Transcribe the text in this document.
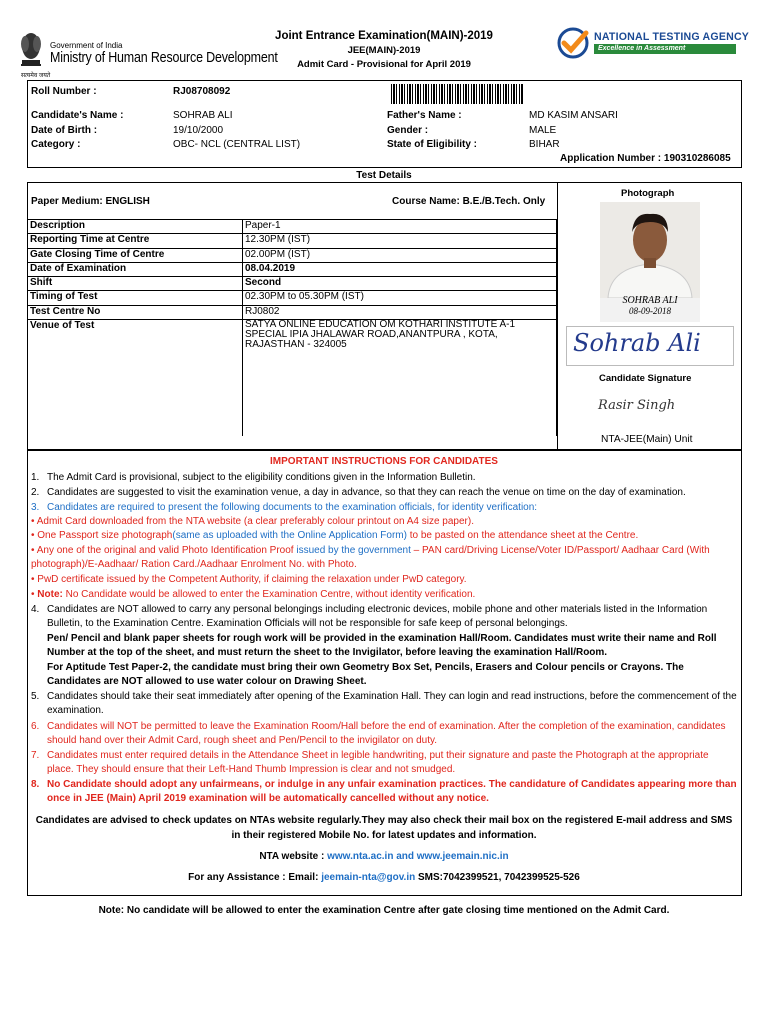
Government of India
Ministry of Human Resource Development
सत्यमेव जयते
Joint Entrance Examination(MAIN)-2019
JEE(MAIN)-2019
Admit Card - Provisional for April 2019
NATIONAL TESTING AGENCY
Excellence in Assessment
Roll Number :	RJ08708092
Candidate's Name :	SOHRAB ALI	Father's Name :	MD KASIM ANSARI
Date of Birth :	19/10/2000	Gender :	MALE
Category :	OBC- NCL (CENTRAL LIST)	State of Eligibility :	BIHAR
Application Number : 190310286085
Test Details
Paper Medium: ENGLISH	Course Name: B.E./B.Tech. Only
Description	Paper-1
Reporting Time at Centre	12.30PM (IST)
Gate Closing Time of Centre	02.00PM (IST)
Date of Examination	08.04.2019
Shift	Second
Timing of Test	02.30PM to 05.30PM (IST)
Test Centre No	RJ0802
Venue of Test	SATYA ONLINE EDUCATION OM KOTHARI INSTITUTE A-1 SPECIAL IPIA JHALAWAR ROAD,ANANTPURA , KOTA, RAJASTHAN - 324005
Photograph
SOHRAB ALI
08-09-2018
Sohrab Ali
Candidate Signature
Rasir Singh
NTA-JEE(Main) Unit
IMPORTANT INSTRUCTIONS FOR CANDIDATES
1. The Admit Card is provisional, subject to the eligibility conditions given in the Information Bulletin.
2. Candidates are suggested to visit the examination venue, a day in advance, so that they can reach the venue on time on the day of examination.
3. Candidates are required to present the following documents to the examination officials, for identity verification:
• Admit Card downloaded from the NTA website (a clear preferably colour printout on A4 size paper).
• One Passport size photograph(same as uploaded with the Online Application Form) to be pasted on the attendance sheet at the Centre.
• Any one of the original and valid Photo Identification Proof issued by the government – PAN card/Driving License/Voter ID/Passport/ Aadhaar Card (With photograph)/E-Aadhaar/ Ration Card./Aadhaar Enrolment No. with Photo.
• PwD certificate issued by the Competent Authority, if claiming the relaxation under PwD category.
• Note: No Candidate would be allowed to enter the Examination Centre, without identity verification.
4. Candidates are NOT allowed to carry any personal belongings including electronic devices, mobile phone and other materials listed in the Information Bulletin, to the Examination Centre. Examination Officials will not be responsible for safe keep of personal belongings.
Pen/ Pencil and blank paper sheets for rough work will be provided in the examination Hall/Room. Candidates must write their name and Roll Number at the top of the sheet, and must return the sheet to the Invigilator, before leaving the examination Hall/Room.
For Aptitude Test Paper-2, the candidate must bring their own Geometry Box Set, Pencils, Erasers and Colour pencils or Crayons. The Candidates are NOT allowed to use water colour on Drawing Sheet.
5. Candidates should take their seat immediately after opening of the Examination Hall. They can login and read instructions, before the commencement of the examination.
6. Candidates will NOT be permitted to leave the Examination Room/Hall before the end of examination. After the completion of the examination, candidates should hand over their Admit Card, rough sheet and Pen/Pencil to the invigilator on duty.
7. Candidates must enter required details in the Attendance Sheet in legible handwriting, put their signature and paste the Photograph at the appropriate place. They should ensure that their Left-Hand Thumb Impression is clear and not smudged.
8. No Candidate should adopt any unfairmeans, or indulge in any unfair examination practices. The candidature of Candidates appearing more than once in JEE (Main) April 2019 examination will be automatically cancelled without any notice.
Candidates are advised to check updates on NTAs website regularly.They may also check their mail box on the registered E-mail address and SMS in their registered Mobile No. for latest updates and information.
NTA website : www.nta.ac.in and www.jeemain.nic.in
For any Assistance : Email: jeemain-nta@gov.in SMS:7042399521, 7042399525-526
Note: No candidate will be allowed to enter the examination Centre after gate closing time mentioned on the Admit Card.
